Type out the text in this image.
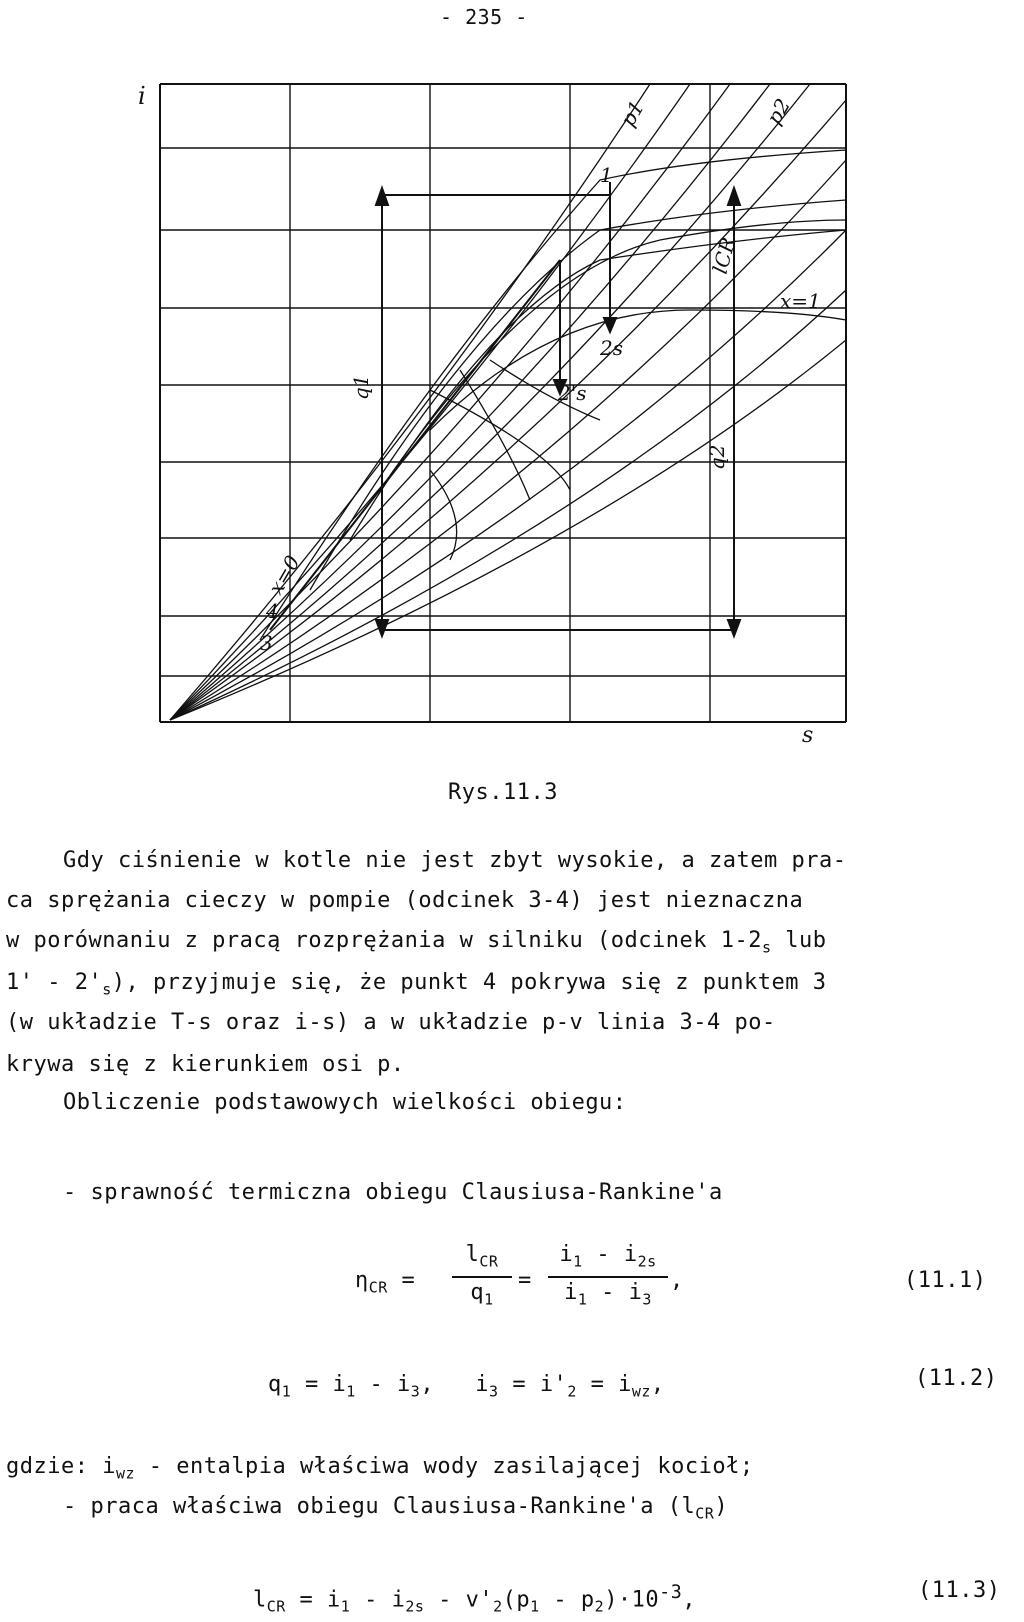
- 235 -
i
s
p1	p2
lCR
x=1
x=0
1
2s
2's
3
4
q1
q2
Rys.11.3
Gdy ciśnienie w kotle nie jest zbyt wysokie, a zatem pra-
ca sprężania cieczy w pompie (odcinek 3-4) jest nieznaczna
w porównaniu z pracą rozprężania w silniku (odcinek $1-2_s$ lub
$1' - 2'_s$), przyjmuje się, że punkt 4 pokrywa się z punktem 3
(w układzie T-s oraz i-s) a w układzie p-v linia 3-4 po-
krywa się z kierunkiem osi p.
Obliczenie podstawowych wielkości obiegu:
- sprawność termiczna obiegu Clausiusa-Rankine'a
$\eta_{CR}$ =
$l_{CR}$
$q_1$
=
$i_1 - i_{2s}$
$i_1 - i_3$
,	(11.1)
$q_1 = i_1 - i_3$,   $i_3 = i'_2 = i_{wz}$,	(11.2)
gdzie: $i_{wz}$ - entalpia właściwa wody zasilającej kocioł;
- praca właściwa obiegu Clausiusa-Rankine'a $(l_{CR})$
$l_{CR} = i_1 - i_{2s} - v'_2(p_1 - p_2)\cdot 10^{-3}$,	(11.3)
